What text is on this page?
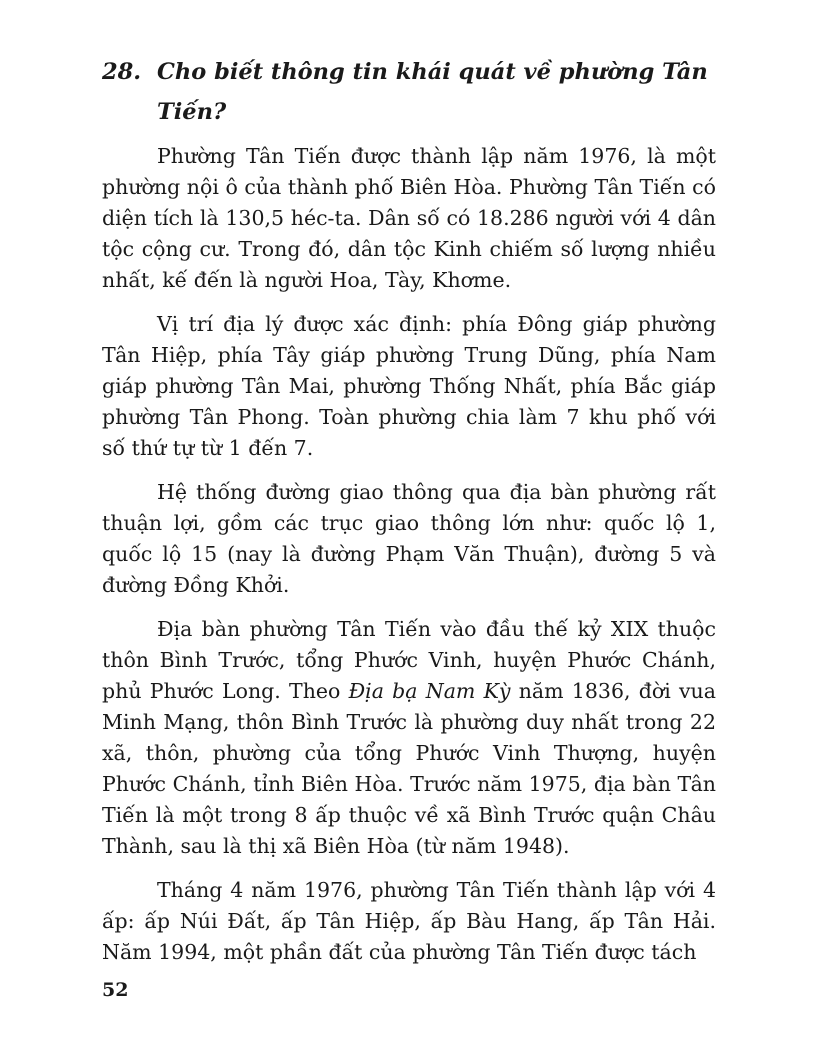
28. Cho biết thông tin khái quát về phường Tân Tiến?

Phường Tân Tiến được thành lập năm 1976, là một phường nội ô của thành phố Biên Hòa. Phường Tân Tiến có diện tích là 130,5 héc-ta. Dân số có 18.286 người với 4 dân tộc cộng cư. Trong đó, dân tộc Kinh chiếm số lượng nhiều nhất, kế đến là người Hoa, Tày, Khơme.

Vị trí địa lý được xác định: phía Đông giáp phường Tân Hiệp, phía Tây giáp phường Trung Dũng, phía Nam giáp phường Tân Mai, phường Thống Nhất, phía Bắc giáp phường Tân Phong. Toàn phường chia làm 7 khu phố với số thứ tự từ 1 đến 7.

Hệ thống đường giao thông qua địa bàn phường rất thuận lợi, gồm các trục giao thông lớn như: quốc lộ 1, quốc lộ 15 (nay là đường Phạm Văn Thuận), đường 5 và đường Đồng Khởi.

Địa bàn phường Tân Tiến vào đầu thế kỷ XIX thuộc thôn Bình Trước, tổng Phước Vinh, huyện Phước Chánh, phủ Phước Long. Theo Địa bạ Nam Kỳ năm 1836, đời vua Minh Mạng, thôn Bình Trước là phường duy nhất trong 22 xã, thôn, phường của tổng Phước Vinh Thượng, huyện Phước Chánh, tỉnh Biên Hòa. Trước năm 1975, địa bàn Tân Tiến là một trong 8 ấp thuộc về xã Bình Trước quận Châu Thành, sau là thị xã Biên Hòa (từ năm 1948).

Tháng 4 năm 1976, phường Tân Tiến thành lập với 4 ấp: ấp Núi Đất, ấp Tân Hiệp, ấp Bàu Hang, ấp Tân Hải. Năm 1994, một phần đất của phường Tân Tiến được tách

52
